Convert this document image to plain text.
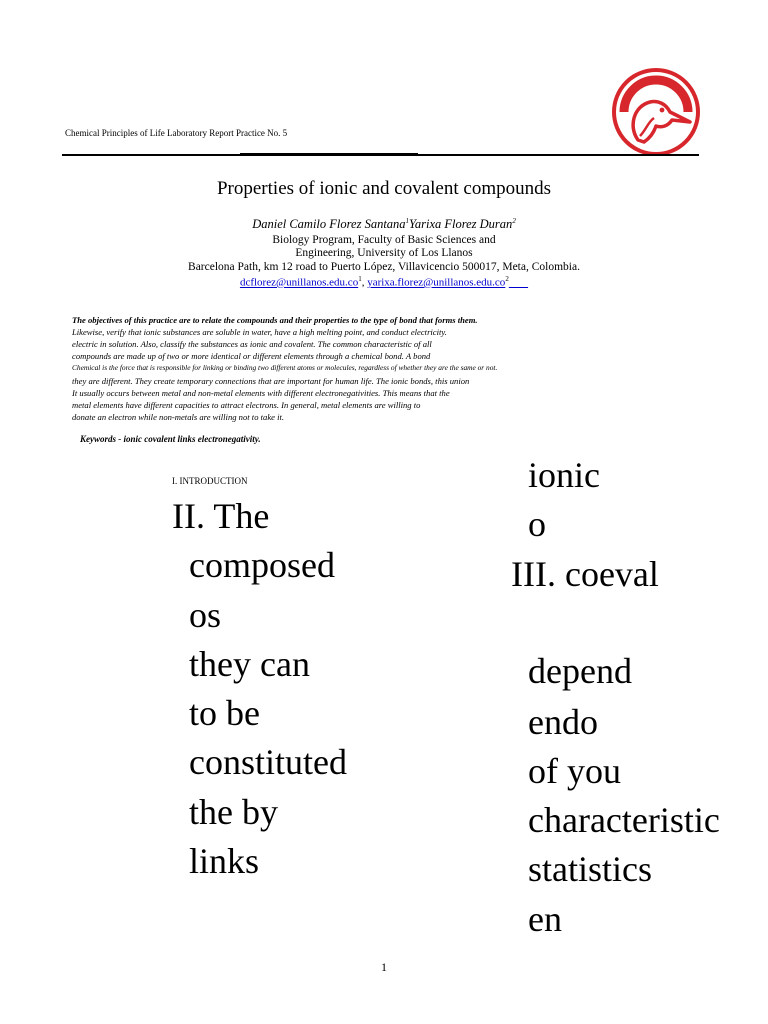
Chemical Principles of Life Laboratory Report Practice No. 5
Properties of ionic and covalent compounds
Daniel Camilo Florez Santana$^1$Yarixa Florez Duran$^2$
Biology Program, Faculty of Basic Sciences and
Engineering, University of Los Llanos
Barcelona Path, km 12 road to Puerto López, Villavicencio 500017, Meta, Colombia.
$dcflorez@unillanos.edu.co^1$, $yarixa.florez@unillanos.edu.co^2$
The objectives of this practice are to relate the compounds and their properties to the type of bond that forms them.
Likewise, verify that ionic substances are soluble in water, have a high melting point, and conduct electricity.
electric in solution. Also, classify the substances as ionic and covalent. The common characteristic of all
compounds are made up of two or more identical or different elements through a chemical bond. A bond
Chemical is the force that is responsible for linking or binding two different atoms or molecules, regardless of whether they are the same or not.
they are different. They create temporary connections that are important for human life. The ionic bonds, this union
It usually occurs between metal and non-metal elements with different electronegativities. This means that the
metal elements have different capacities to attract electrons. In general, metal elements are willing to
donate an electron while non-metals are willing not to take it.
Keywords - ionic covalent links electronegativity.
I. INTRODUCTION
II. The
composed
os
they can
to be
constituted
the by
links
ionic
o
III. coeval
depend
endo
of you
characteristic
statistics
en
1
